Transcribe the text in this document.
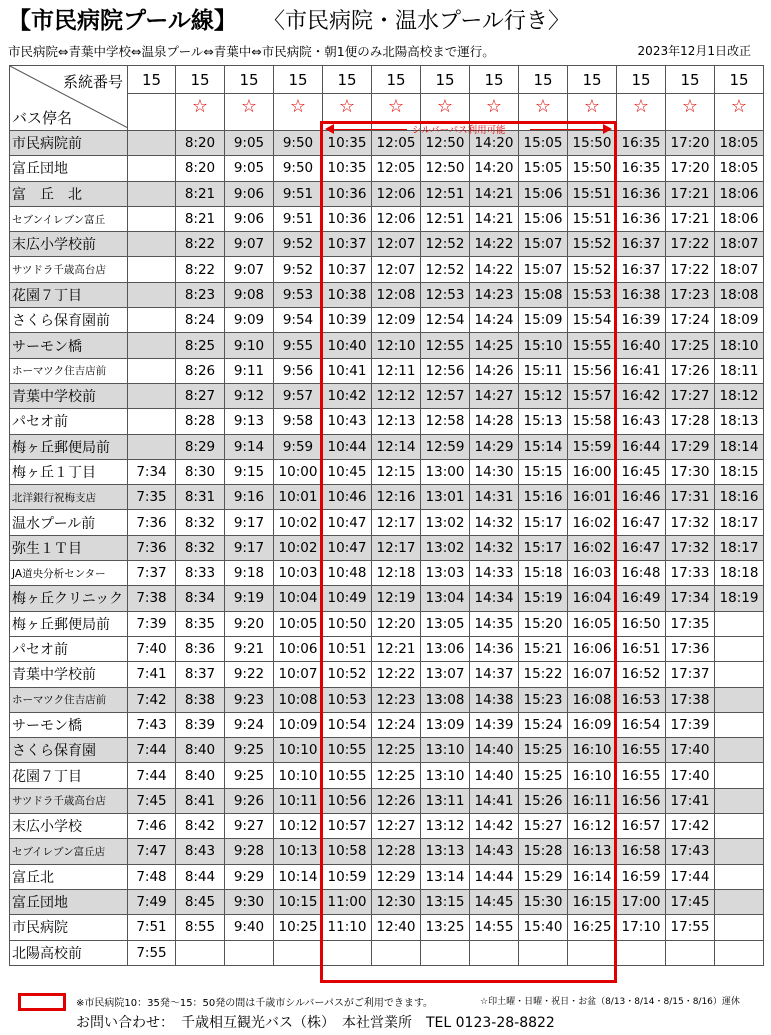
【市民病院プール線】 〈市民病院・温水プール行き〉
市民病院⇔青葉中学校⇔温泉プール⇔青葉中⇔市民病院・朝1便のみ北陽高校まで運行。	2023年12月1日改正
系統番号
バス停名	15	15	15	15	15	15	15	15	15	15	15	15	15
		☆	☆	☆	☆	☆	☆	☆	☆	☆	☆	☆	☆
市民病院前		8:20	9:05	9:50	10:35	12:05	12:50	14:20	15:05	15:50	16:35	17:20	18:05
富丘団地		8:20	9:05	9:50	10:35	12:05	12:50	14:20	15:05	15:50	16:35	17:20	18:05
富　丘　北		8:21	9:06	9:51	10:36	12:06	12:51	14:21	15:06	15:51	16:36	17:21	18:06
セブンイレブン富丘		8:21	9:06	9:51	10:36	12:06	12:51	14:21	15:06	15:51	16:36	17:21	18:06
末広小学校前		8:22	9:07	9:52	10:37	12:07	12:52	14:22	15:07	15:52	16:37	17:22	18:07
サツドラ千歳高台店		8:22	9:07	9:52	10:37	12:07	12:52	14:22	15:07	15:52	16:37	17:22	18:07
花園７丁目		8:23	9:08	9:53	10:38	12:08	12:53	14:23	15:08	15:53	16:38	17:23	18:08
さくら保育園前		8:24	9:09	9:54	10:39	12:09	12:54	14:24	15:09	15:54	16:39	17:24	18:09
サーモン橋		8:25	9:10	9:55	10:40	12:10	12:55	14:25	15:10	15:55	16:40	17:25	18:10
ホーマツク住吉店前		8:26	9:11	9:56	10:41	12:11	12:56	14:26	15:11	15:56	16:41	17:26	18:11
青葉中学校前		8:27	9:12	9:57	10:42	12:12	12:57	14:27	15:12	15:57	16:42	17:27	18:12
パセオ前		8:28	9:13	9:58	10:43	12:13	12:58	14:28	15:13	15:58	16:43	17:28	18:13
梅ヶ丘郵便局前		8:29	9:14	9:59	10:44	12:14	12:59	14:29	15:14	15:59	16:44	17:29	18:14
梅ヶ丘１丁目	7:34	8:30	9:15	10:00	10:45	12:15	13:00	14:30	15:15	16:00	16:45	17:30	18:15
北洋銀行祝梅支店	7:35	8:31	9:16	10:01	10:46	12:16	13:01	14:31	15:16	16:01	16:46	17:31	18:16
温水プール前	7:36	8:32	9:17	10:02	10:47	12:17	13:02	14:32	15:17	16:02	16:47	17:32	18:17
弥生１Ｔ目	7:36	8:32	9:17	10:02	10:47	12:17	13:02	14:32	15:17	16:02	16:47	17:32	18:17
JA道央分析センター	7:37	8:33	9:18	10:03	10:48	12:18	13:03	14:33	15:18	16:03	16:48	17:33	18:18
梅ヶ丘クリニック	7:38	8:34	9:19	10:04	10:49	12:19	13:04	14:34	15:19	16:04	16:49	17:34	18:19
梅ヶ丘郵便局前	7:39	8:35	9:20	10:05	10:50	12:20	13:05	14:35	15:20	16:05	16:50	17:35	
パセオ前	7:40	8:36	9:21	10:06	10:51	12:21	13:06	14:36	15:21	16:06	16:51	17:36	
青葉中学校前	7:41	8:37	9:22	10:07	10:52	12:22	13:07	14:37	15:22	16:07	16:52	17:37	
ホーマツク住吉店前	7:42	8:38	9:23	10:08	10:53	12:23	13:08	14:38	15:23	16:08	16:53	17:38	
サーモン橋	7:43	8:39	9:24	10:09	10:54	12:24	13:09	14:39	15:24	16:09	16:54	17:39	
さくら保育園	7:44	8:40	9:25	10:10	10:55	12:25	13:10	14:40	15:25	16:10	16:55	17:40	
花園７丁目	7:44	8:40	9:25	10:10	10:55	12:25	13:10	14:40	15:25	16:10	16:55	17:40	
サツドラ千歳高台店	7:45	8:41	9:26	10:11	10:56	12:26	13:11	14:41	15:26	16:11	16:56	17:41	
末広小学校	7:46	8:42	9:27	10:12	10:57	12:27	13:12	14:42	15:27	16:12	16:57	17:42	
セブイレブン富丘店	7:47	8:43	9:28	10:13	10:58	12:28	13:13	14:43	15:28	16:13	16:58	17:43	
富丘北	7:48	8:44	9:29	10:14	10:59	12:29	13:14	14:44	15:29	16:14	16:59	17:44	
富丘団地	7:49	8:45	9:30	10:15	11:00	12:30	13:15	14:45	15:30	16:15	17:00	17:45	
市民病院	7:51	8:55	9:40	10:25	11:10	12:40	13:25	14:55	15:40	16:25	17:10	17:55	
北陽高校前	7:55												
シルバーパス利用可能
※市民病院10：35発～15：50発の間は千歳市シルバーパスがご利用できます。	☆印土曜・日曜・祝日・お盆（8/13・8/14・8/15・8/16）運休
お問い合わせ：　千歳相互観光バス（株）　本社営業所　TEL 0123-28-8822
